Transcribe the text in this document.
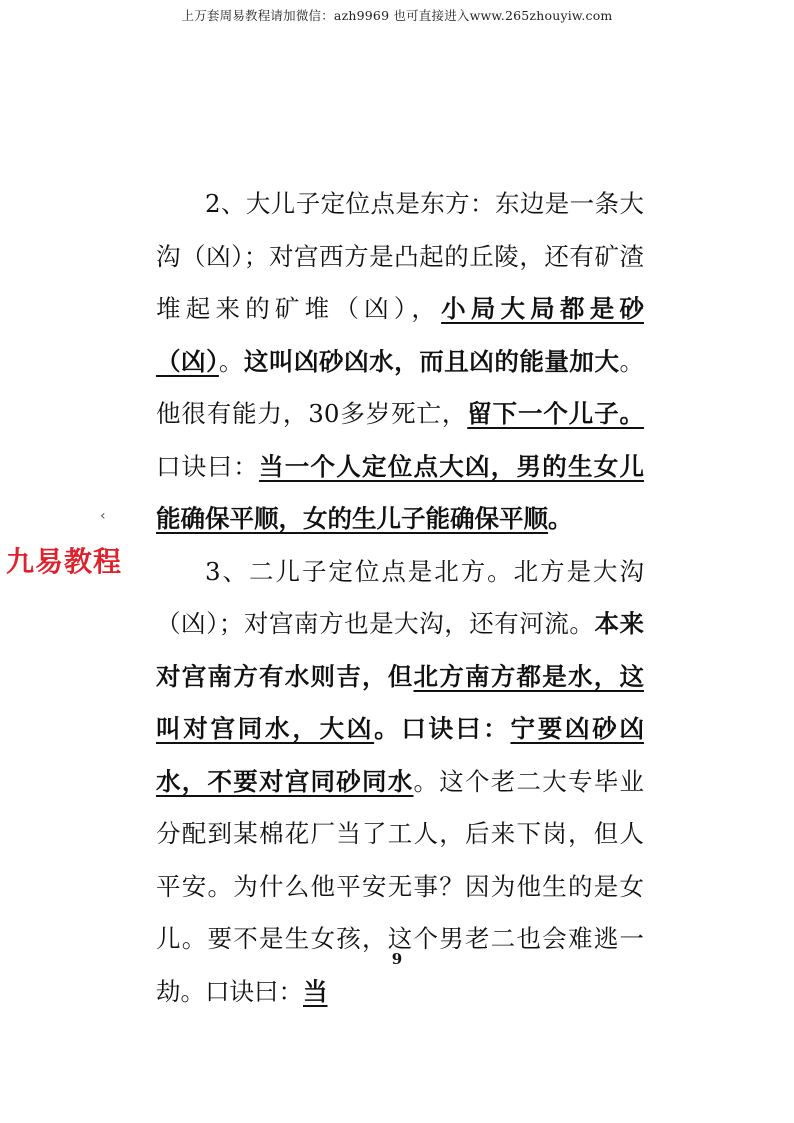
上万套周易教程请加微信：azh9969 也可直接进入www.265zhouyiw.com
‹
九易教程

2、大儿子定位点是东方：东边是一条大沟（凶）；对宫西方是凸起的丘陵，还有矿渣堆起来的矿堆（凶），小局大局都是砂（凶）。这叫凶砂凶水，而且凶的能量加大。他很有能力，30多岁死亡，留下一个儿子。口诀曰：当一个人定位点大凶，男的生女儿能确保平顺，女的生儿子能确保平顺。

3、二儿子定位点是北方。北方是大沟（凶）；对宫南方也是大沟，还有河流。本来对宫南方有水则吉，但北方南方都是水，这叫对宫同水，大凶。口诀曰：宁要凶砂凶水，不要对宫同砂同水。这个老二大专毕业分配到某棉花厂当了工人，后来下岗，但人平安。为什么他平安无事？因为他生的是女儿。要不是生女孩，这个男老二也会难逃一劫。口诀曰：当

9
